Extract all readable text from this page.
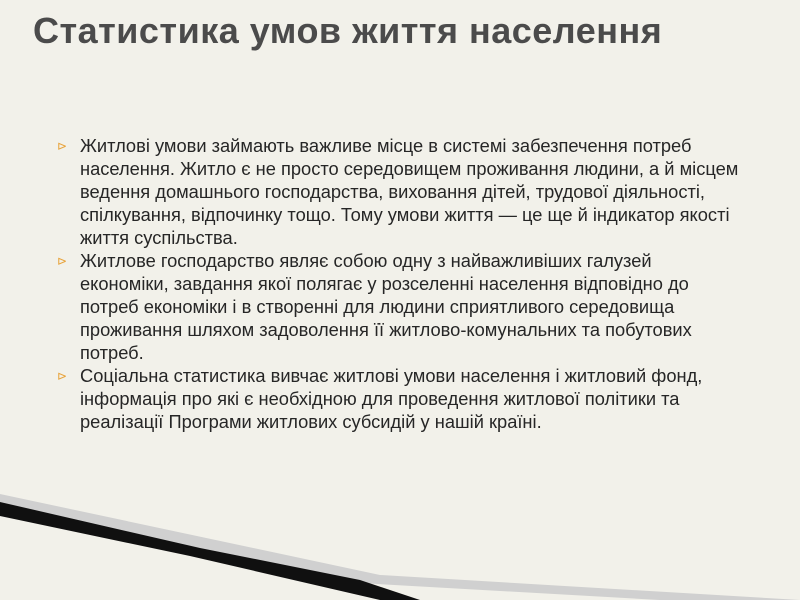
Статистика умов життя населення
⊳ Житлові умови займають важливе місце в системі забезпечення потреб населення. Житло є не просто середовищем проживання людини, а й місцем ведення домашнього господарства, виховання дітей, трудової діяльності, спілкування, відпочинку тощо. Тому умови життя — це ще й індикатор якості життя суспільства.
⊳ Житлове господарство являє собою одну з найважливіших галузей економіки, завдання якої полягає у розселенні населення відповідно до потреб економіки і в створенні для людини сприятливого середовища проживання шляхом задоволення її житлово-комунальних та побутових потреб.
⊳ Соціальна статистика вивчає житлові умови населення і житловий фонд, інформація про які є необхідною для проведення житлової політики та реалізації Програми житлових субсидій у нашій країні.
